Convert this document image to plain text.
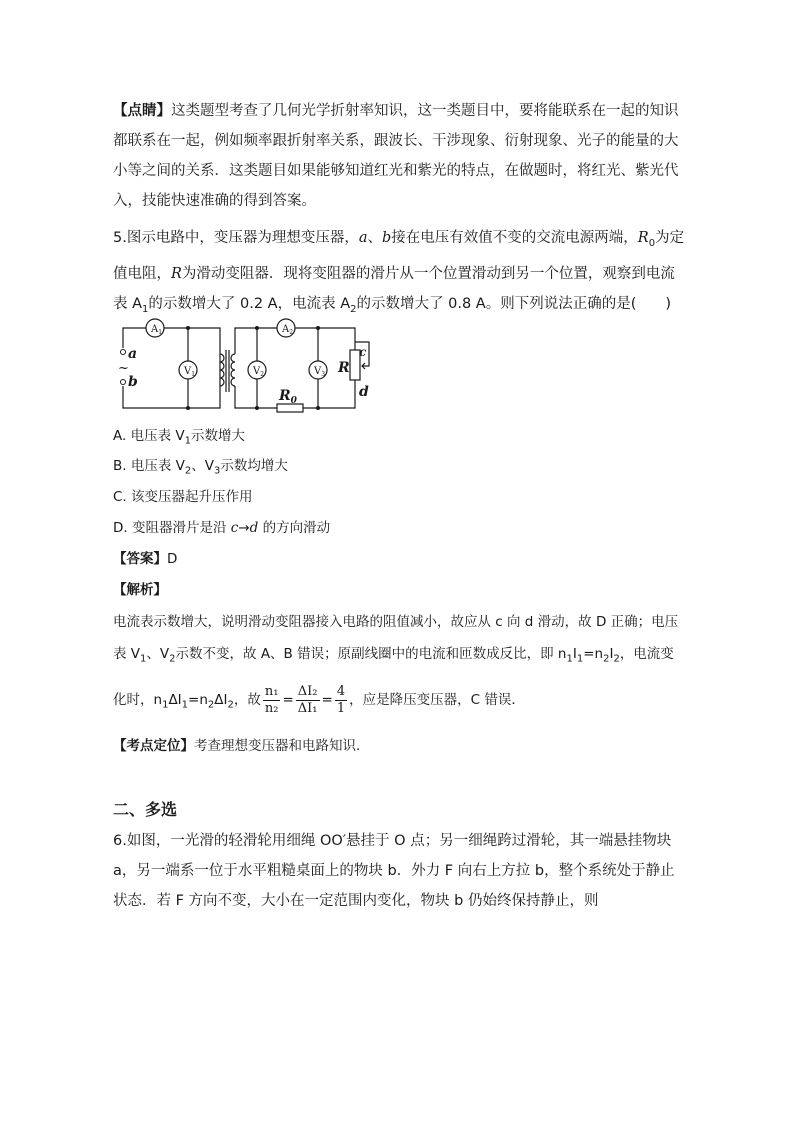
【点睛】这类题型考查了几何光学折射率知识，这一类题目中，要将能联系在一起的知识都联系在一起，例如频率跟折射率关系，跟波长、干涉现象、衍射现象、光子的能量的大小等之间的关系．这类题目如果能够知道红光和紫光的特点，在做题时，将红光、紫光代入，技能快速准确的得到答案。

5.图示电路中，变压器为理想变压器，a、b接在电压有效值不变的交流电源两端，$R_0$为定值电阻，R为滑动变阻器．现将变阻器的滑片从一个位置滑动到另一个位置，观察到电流表 $A_1$的示数增大了 0.2 A，电流表 $A_2$的示数增大了 0.8 A。则下列说法正确的是(　　)

$A_1$	$A_2$
$V_1$	$V_2$	$V_3$
a
b
R
$R_0$
c
d
~
A. 电压表 $V_1$示数增大
B. 电压表 $V_2$、$V_3$示数均增大
C. 该变压器起升压作用
D. 变阻器滑片是沿 c→d 的方向滑动
【答案】D
【解析】

电流表示数增大，说明滑动变阻器接入电路的阻值减小，故应从 c 向 d 滑动，故 D 正确；电压表 $V_1$、$V_2$示数不变，故 A、B 错误；原副线圈中的电流和匝数成反比，即 $n_1I_1=n_2I_2$，电流变

化时，$n_1\Delta I_1=n_2\Delta I_2$，故 $\frac{\text{n₁}}{\text{n₂}} = \frac{\text{ΔI₂}}{\text{ΔI₁}} = \frac{4}{1}$ ，应是降压变压器，C 错误．
【考点定位】考查理想变压器和电路知识．
二、多选

6.如图，一光滑的轻滑轮用细绳 OO′悬挂于 O 点；另一细绳跨过滑轮，其一端悬挂物块 a，另一端系一位于水平粗糙桌面上的物块 b．外力 F 向右上方拉 b，整个系统处于静止状态．若 F 方向不变，大小在一定范围内变化，物块 b 仍始终保持静止，则
